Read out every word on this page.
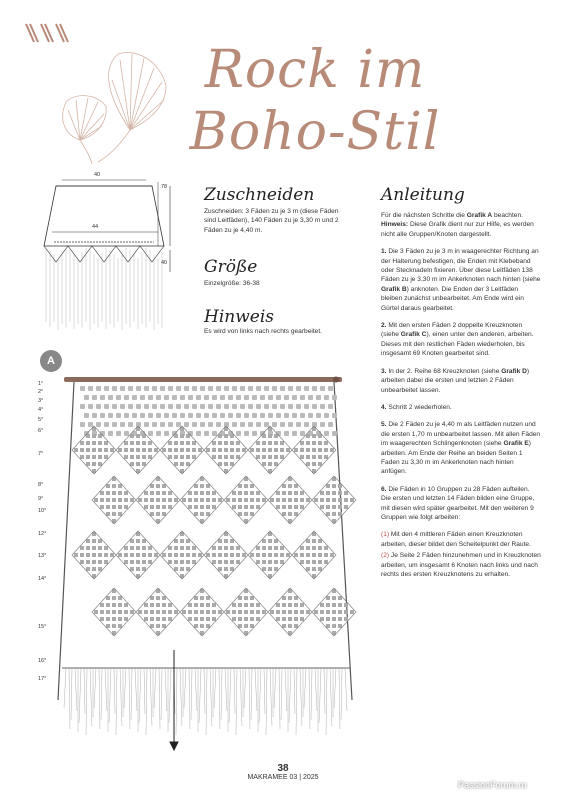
Rock im
Boho-Stil
40
78
44
40
Zuschneiden
Zuschneiden: 3 Fäden zu je 3 m (diese Fäden sind Leitfäden), 140 Fäden zu je 3,30 m und 2 Fäden zu je 4,40 m.
Größe
Einzelgröße: 36-38
Hinweis
Es wird von links nach rechts gearbeitet.
Anleitung

Für die nächsten Schritte die Grafik A beachten. Hinweis: Diese Grafik dient nur zur Hilfe, es werden nicht alle Gruppen/Knoten dargestellt.

1. Die 3 Fäden zu je 3 m in waagerechter Richtung an der Halterung befestigen, die Enden mit Klebeband oder Stecknadeln fixieren. Über diese Leitfäden 138 Fäden zu je 3,30 m im Ankerknoten nach hinten (siehe Grafik B) anknoten. Die Enden der 3 Leitfäden bleiben zunächst unbearbeitet. Am Ende wird ein Gürtel daraus gearbeitet.

2. Mit den ersten Fäden 2 doppelte Kreuzknoten (siehe Grafik C), einen unter den anderen, arbeiten. Dieses mit den restlichen Fäden wiederholen, bis insgesamt 69 Knoten gearbeitet sind.

3. In der 2. Reihe 68 Kreuzknoten (siehe Grafik D) arbeiten dabei die ersten und letzten 2 Fäden unbearbeitet lassen.

4. Schritt 2 wiederholen.

5. Die 2 Fäden zu je 4,40 m als Leitfäden nutzen und die ersten 1,70 m unbearbeitet lassen. Mit allen Fäden im waagerechten Schlingenknoten (siehe Grafik E) arbeiten. Am Ende der Reihe an beiden Seiten 1 Faden zu 3,30 m im Ankerknoten nach hinten anfügen.

6. Die Fäden in 10 Gruppen zu 28 Fäden aufteilen. Die ersten und letzten 14 Fäden bilden eine Gruppe, mit diesen wird später gearbeitet. Mit den weiteren 9 Gruppen wie folgt arbeiten:

(1) Mit den 4 mittleren Fäden einen Kreuzknoten arbeiten, dieser bildet den Scheitelpunkt der Raute.

(2) Je Seite 2 Fäden hinzunehmen und in Kreuzknoten arbeiten, um insgesamt 6 Knoten nach links und nach rechts des ersten Kreuzknotens zu erhalten.

A
1°
2°
3°
4°
5°
6°
7°
8°
9°
10°
12°
13°
14°
15°
16°
17°
38
MAKRAMEE 03 | 2025
PassionForum.ru
